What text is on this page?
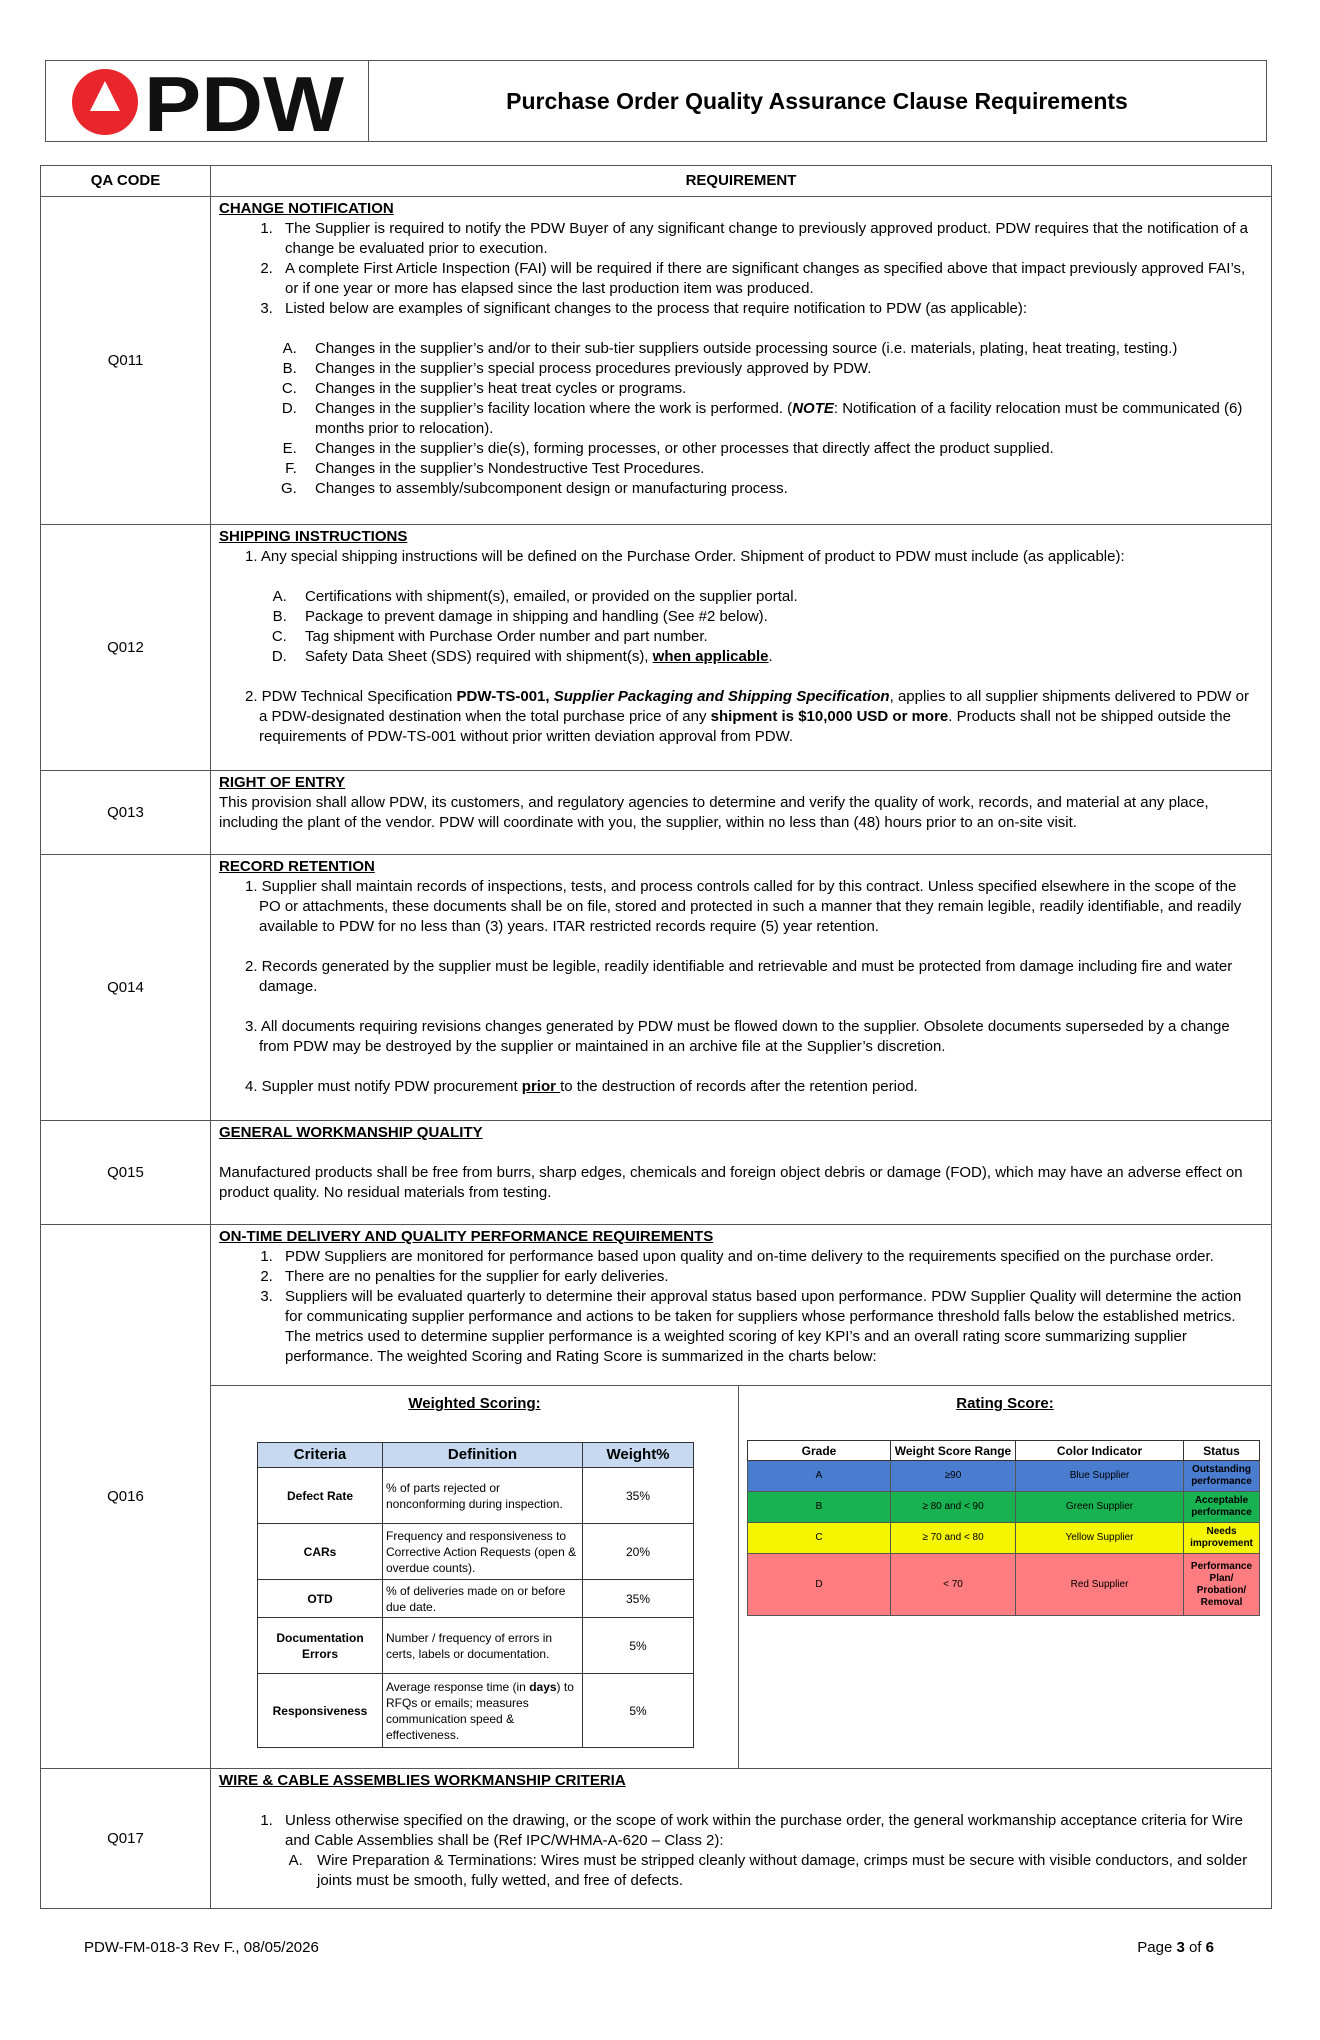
PDW	Purchase Order Quality Assurance Clause Requirements
QA CODE	REQUIREMENT
Q011	
CHANGE NOTIFICATION
1. The Supplier is required to notify the PDW Buyer of any significant change to previously approved product. PDW requires that the notification of a change be evaluated prior to execution.
2. A complete First Article Inspection (FAI) will be required if there are significant changes as specified above that impact previously approved FAI’s, or if one year or more has elapsed since the last production item was produced.
3. Listed below are examples of significant changes to the process that require notification to PDW (as applicable):
A. Changes in the supplier’s and/or to their sub-tier suppliers outside processing source (i.e. materials, plating, heat treating, testing.)
B. Changes in the supplier’s special process procedures previously approved by PDW.
C. Changes in the supplier’s heat treat cycles or programs.
D. Changes in the supplier’s facility location where the work is performed. (NOTE: Notification of a facility relocation must be communicated (6) months prior to relocation).
E. Changes in the supplier’s die(s), forming processes, or other processes that directly affect the product supplied.
F. Changes in the supplier’s Nondestructive Test Procedures.
G. Changes to assembly/subcomponent design or manufacturing process.

Q012	
SHIPPING INSTRUCTIONS
1. Any special shipping instructions will be defined on the Purchase Order. Shipment of product to PDW must include (as applicable):
A. Certifications with shipment(s), emailed, or provided on the supplier portal.
B. Package to prevent damage in shipping and handling (See #2 below).
C. Tag shipment with Purchase Order number and part number.
D. Safety Data Sheet (SDS) required with shipment(s), when applicable.
2. PDW Technical Specification PDW-TS-001, Supplier Packaging and Shipping Specification, applies to all supplier shipments delivered to PDW or a PDW-designated destination when the total purchase price of any shipment is $10,000 USD or more. Products shall not be shipped outside the requirements of PDW-TS-001 without prior written deviation approval from PDW.

Q013	
RIGHT OF ENTRY
This provision shall allow PDW, its customers, and regulatory agencies to determine and verify the quality of work, records, and material at any place, including the plant of the vendor. PDW will coordinate with you, the supplier, within no less than (48) hours prior to an on-site visit.

Q014	
RECORD RETENTION
1. Supplier shall maintain records of inspections, tests, and process controls called for by this contract. Unless specified elsewhere in the scope of the PO or attachments, these documents shall be on file, stored and protected in such a manner that they remain legible, readily identifiable, and readily available to PDW for no less than (3) years. ITAR restricted records require (5) year retention.
2. Records generated by the supplier must be legible, readily identifiable and retrievable and must be protected from damage including fire and water damage.
3. All documents requiring revisions changes generated by PDW must be flowed down to the supplier. Obsolete documents superseded by a change from PDW may be destroyed by the supplier or maintained in an archive file at the Supplier’s discretion.
4. Suppler must notify PDW procurement prior to the destruction of records after the retention period.

Q015	
GENERAL WORKMANSHIP QUALITY
Manufactured products shall be free from burrs, sharp edges, chemicals and foreign object debris or damage (FOD), which may have an adverse effect on product quality. No residual materials from testing.

Q016	
ON-TIME DELIVERY AND QUALITY PERFORMANCE REQUIREMENTS
1. PDW Suppliers are monitored for performance based upon quality and on-time delivery to the requirements specified on the purchase order.
2. There are no penalties for the supplier for early deliveries.
3. Suppliers will be evaluated quarterly to determine their approval status based upon performance. PDW Supplier Quality will determine the action for communicating supplier performance and actions to be taken for suppliers whose performance threshold falls below the established metrics. The metrics used to determine supplier performance is a weighted scoring of key KPI’s and an overall rating score summarizing supplier performance. The weighted Scoring and Rating Score is summarized in the charts below:
Weighted Scoring:
Criteria	Definition	Weight%
Defect Rate	% of parts rejected or nonconforming during inspection.	35%
CARs	Frequency and responsiveness to Corrective Action Requests (open & overdue counts).	20%
OTD	% of deliveries made on or before due date.	35%
Documentation Errors	Number / frequency of errors in certs, labels or documentation.	5%
Responsiveness	Average response time (in days) to RFQs or emails; measures communication speed & effectiveness.	5%
Rating Score:
Grade	Weight Score Range	Color Indicator	Status
A	≥90	Blue Supplier	Outstanding performance
B	≥ 80 and < 90	Green Supplier	Acceptable performance
C	≥ 70 and < 80	Yellow Supplier	Needs improvement
D	< 70	Red Supplier	Performance Plan/ Probation/ Removal

Q017	
WIRE & CABLE ASSEMBLIES WORKMANSHIP CRITERIA
1. Unless otherwise specified on the drawing, or the scope of work within the purchase order, the general workmanship acceptance criteria for Wire and Cable Assemblies shall be (Ref IPC/WHMA-A-620 – Class 2):
A. Wire Preparation & Terminations: Wires must be stripped cleanly without damage, crimps must be secure with visible conductors, and solder joints must be smooth, fully wetted, and free of defects.
PDW-FM-018-3 Rev F., 08/05/2026	Page 3 of 6
